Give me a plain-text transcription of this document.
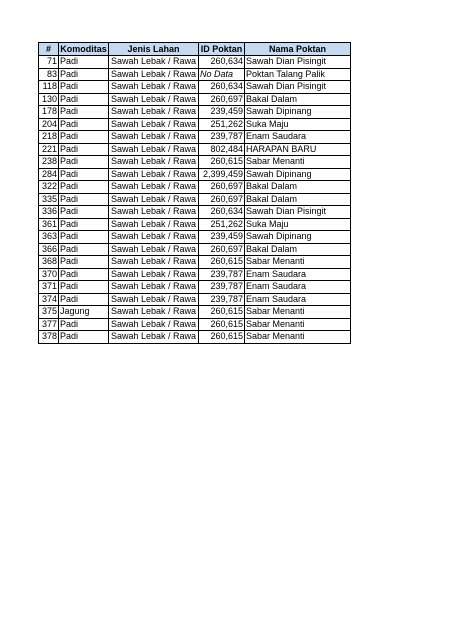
#	Komoditas	Jenis Lahan	ID Poktan	Nama Poktan
71	Padi	Sawah Lebak / Rawa	260,634	Sawah Dian Pisingit
83	Padi	Sawah Lebak / Rawa	No Data	Poktan Talang Palik
118	Padi	Sawah Lebak / Rawa	260,634	Sawah Dian Pisingit
130	Padi	Sawah Lebak / Rawa	260,697	Bakal Dalam
178	Padi	Sawah Lebak / Rawa	239,459	Sawah Dipinang
204	Padi	Sawah Lebak / Rawa	251,262	Suka Maju
218	Padi	Sawah Lebak / Rawa	239,787	Enam Saudara
221	Padi	Sawah Lebak / Rawa	802,484	HARAPAN BARU
238	Padi	Sawah Lebak / Rawa	260,615	Sabar Menanti
284	Padi	Sawah Lebak / Rawa	2,399,459	Sawah Dipinang
322	Padi	Sawah Lebak / Rawa	260,697	Bakal Dalam
335	Padi	Sawah Lebak / Rawa	260,697	Bakal Dalam
336	Padi	Sawah Lebak / Rawa	260,634	Sawah Dian Pisingit
361	Padi	Sawah Lebak / Rawa	251,262	Suka Maju
363	Padi	Sawah Lebak / Rawa	239,459	Sawah Dipinang
366	Padi	Sawah Lebak / Rawa	260,697	Bakal Dalam
368	Padi	Sawah Lebak / Rawa	260,615	Sabar Menanti
370	Padi	Sawah Lebak / Rawa	239,787	Enam Saudara
371	Padi	Sawah Lebak / Rawa	239,787	Enam Saudara
374	Padi	Sawah Lebak / Rawa	239,787	Enam Saudara
375	Jagung	Sawah Lebak / Rawa	260,615	Sabar Menanti
377	Padi	Sawah Lebak / Rawa	260,615	Sabar Menanti
378	Padi	Sawah Lebak / Rawa	260,615	Sabar Menanti
